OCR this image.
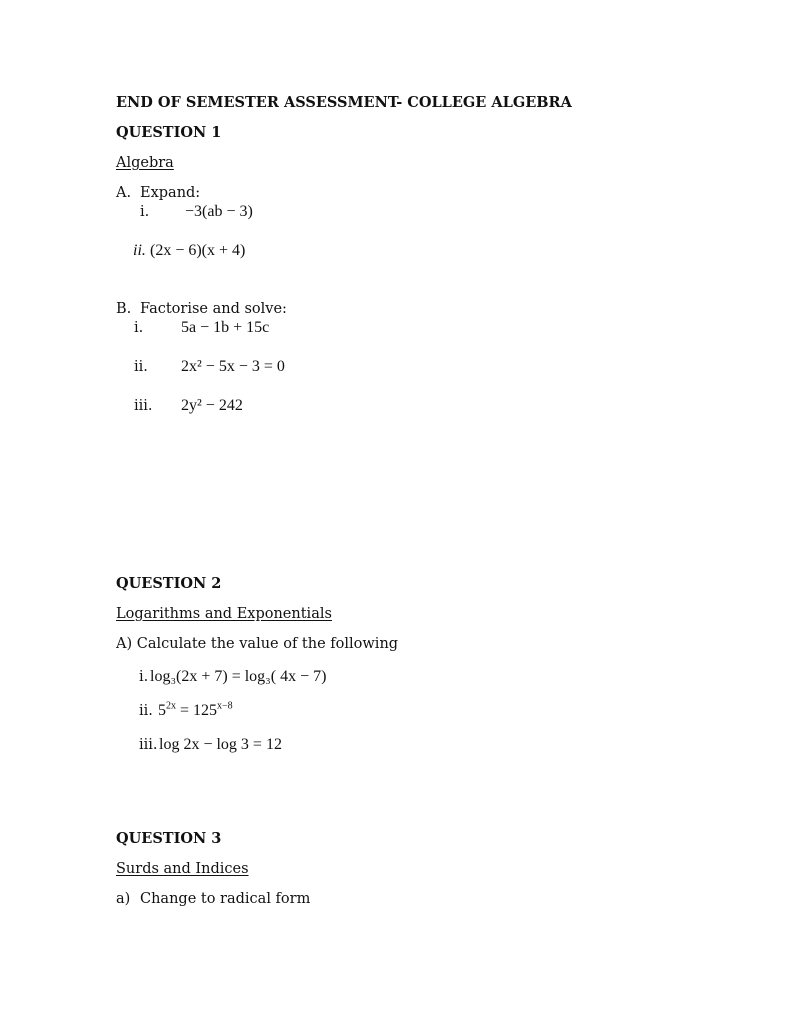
END OF SEMESTER ASSESSMENT- COLLEGE ALGEBRA
QUESTION 1
Algebra
A. Expand:
i. −3(ab − 3)
ii. (2x − 6)(x + 4)
B. Factorise and solve:
i. 5a − 1b + 15c
ii. 2x² − 5x − 3 = 0
iii. 2y² − 242
QUESTION 2
Logarithms and Exponentials
A) Calculate the value of the following
i. log₃(2x + 7) = log₃( 4x − 7)
ii. $5^{2x} = 125^{x-8}$
iii. log 2x − log 3 = 12
QUESTION 3
Surds and Indices
a) Change to radical form
